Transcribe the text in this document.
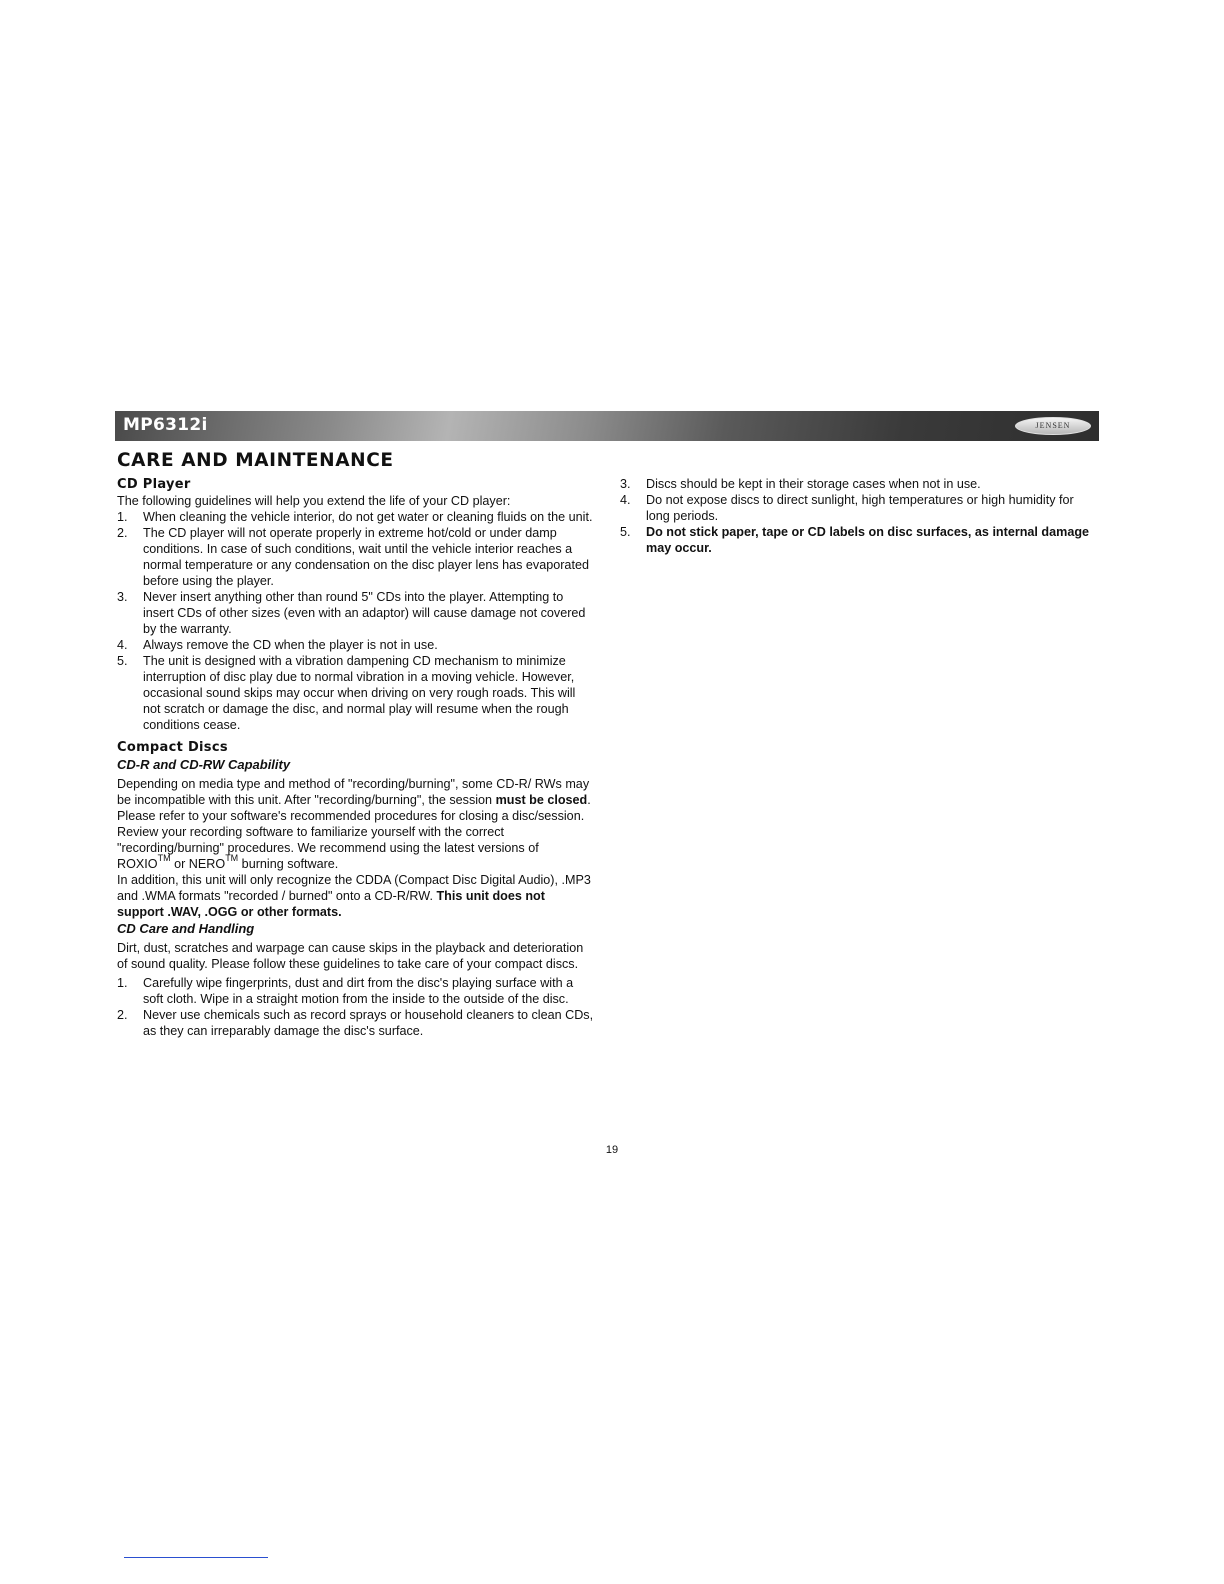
MP6312i	JENSEN
CARE AND MAINTENANCE
CD Player

The following guidelines will help you extend the life of your CD player:

1. When cleaning the vehicle interior, do not get water or cleaning fluids on the unit.
2. The CD player will not operate properly in extreme hot/cold or under damp conditions. In case of such conditions, wait until the vehicle interior reaches a normal temperature or any condensation on the disc player lens has evaporated before using the player.
3. Never insert anything other than round 5" CDs into the player. Attempting to insert CDs of other sizes (even with an adaptor) will cause damage not covered by the warranty.
4. Always remove the CD when the player is not in use.
5. The unit is designed with a vibration dampening CD mechanism to minimize interruption of disc play due to normal vibration in a moving vehicle. However, occasional sound skips may occur when driving on very rough roads. This will not scratch or damage the disc, and normal play will resume when the rough conditions cease.
Compact Discs
CD-R and CD-RW Capability

Depending on media type and method of "recording/burning", some CD-R/ RWs may be incompatible with this unit. After "recording/burning", the session must be closed. Please refer to your software's recommended procedures for closing a disc/session. Review your recording software to familiarize yourself with the correct "recording/burning" procedures. We recommend using the latest versions of ROXIO™ or NERO™ burning software.

In addition, this unit will only recognize the CDDA (Compact Disc Digital Audio), .MP3 and .WMA formats "recorded / burned" onto a CD-R/RW. This unit does not support .WAV, .OGG or other formats.

CD Care and Handling

Dirt, dust, scratches and warpage can cause skips in the playback and deterioration of sound quality. Please follow these guidelines to take care of your compact discs.

1. Carefully wipe fingerprints, dust and dirt from the disc's playing surface with a soft cloth. Wipe in a straight motion from the inside to the outside of the disc.
2. Never use chemicals such as record sprays or household cleaners to clean CDs, as they can irreparably damage the disc's surface.
3. Discs should be kept in their storage cases when not in use.
4. Do not expose discs to direct sunlight, high temperatures or high humidity for long periods.
5. Do not stick paper, tape or CD labels on disc surfaces, as internal damage may occur.
19
